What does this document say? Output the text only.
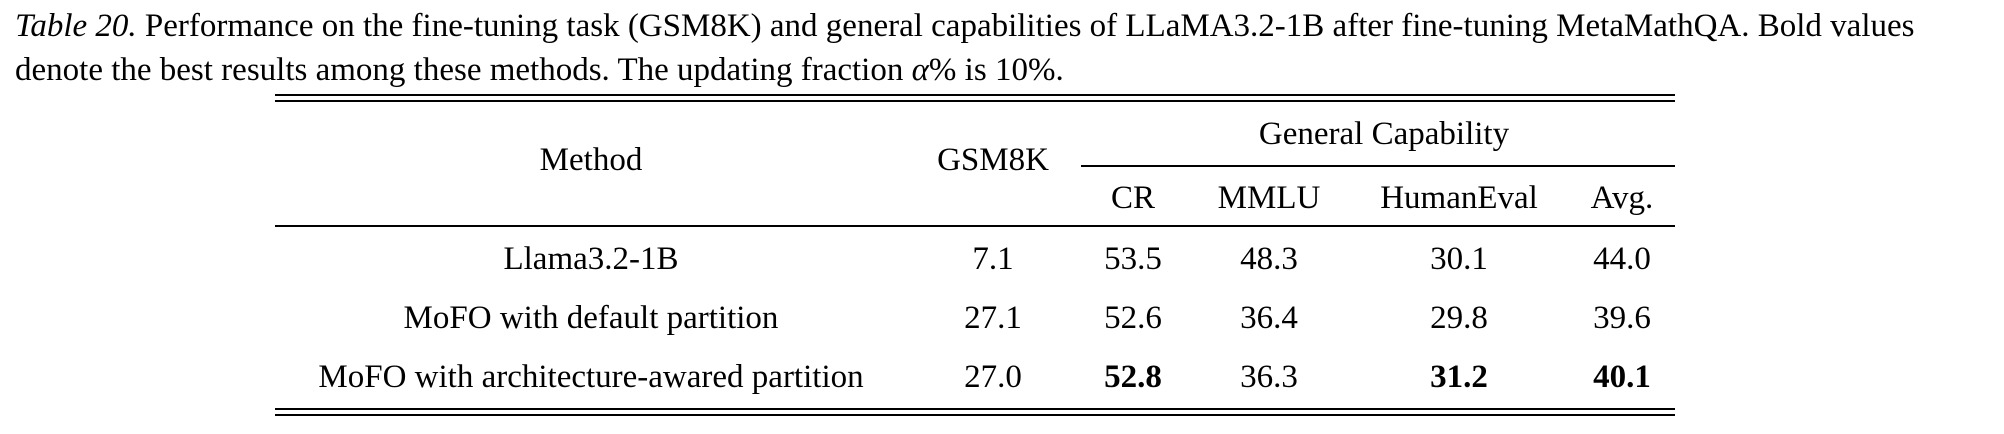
Table 20. Performance on the fine-tuning task (GSM8K) and general capabilities of LLaMA3.2-1B after fine-tuning MetaMathQA. Bold values denote the best results among these methods. The updating fraction α% is 10%.
Method	GSM8K
General Capability
CR MMLU HumanEval Avg.
Llama3.2-1B	7.1	53.5 48.3	30.1	44.0
MoFO with default partition	27.1 52.6 36.4	29.8	39.6
MoFO with architecture-awared partition	27.0 52.8 36.3	31.2	40.1
